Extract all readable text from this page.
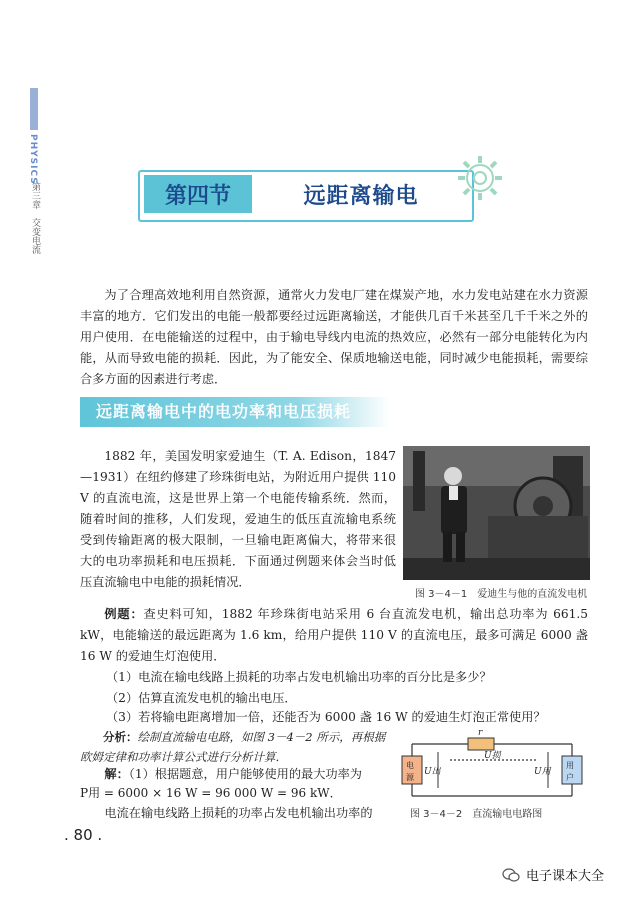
PHYSICS
第三章　交变电流	第四节	远距离输电

为了合理高效地利用自然资源，通常火力发电厂建在煤炭产地，水力发电站建在水力资源丰富的地方．它们发出的电能一般都要经过远距离输送，才能供几百千米甚至几千千米之外的用户使用．在电能输送的过程中，由于输电导线内电流的热效应，必然有一部分电能转化为内能，从而导致电能的损耗．因此，为了能安全、保质地输送电能，同时减少电能损耗，需要综合多方面的因素进行考虑．

远距离输电中的电功率和电压损耗

1882 年，美国发明家爱迪生（T. A. Edison，1847—1931）在纽约修建了珍珠街电站，为附近用户提供 110 V 的直流电流，这是世界上第一个电能传输系统．然而，随着时间的推移，人们发现，爱迪生的低压直流输电系统受到传输距离的极大限制，一旦输电距离偏大，将带来很大的电功率损耗和电压损耗．下面通过例题来体会当时低压直流输电中电能的损耗情况．

图 3－4－1　爱迪生与他的直流发电机

例题：查史料可知，1882 年珍珠街电站采用 6 台直流发电机，输出总功率为 661.5 kW，电能输送的最远距离为 1.6 km，给用户提供 110 V 的直流电压，最多可满足 6000 盏 16 W 的爱迪生灯泡使用．

（1）电流在输电线路上损耗的功率占发电机输出功率的百分比是多少？
（2）估算直流发电机的输出电压．
（3）若将输电距离增加一倍，还能否为 6000 盏 16 W 的爱迪生灯泡正常使用？
分析：绘制直流输电电路，如图 3－4－2 所示，再根据欧姆定律和功率计算公式进行分析计算．
解：（1）根据题意，用户能够使用的最大功率为
P用 = 6000 × 16 W = 96 000 W = 96 kW．
电流在输电线路上损耗的功率占发电机输出功率的
r
电
源
用
户
U出
U损
U用
图 3－4－2　直流输电电路图
. 80 .
电子课本大全
